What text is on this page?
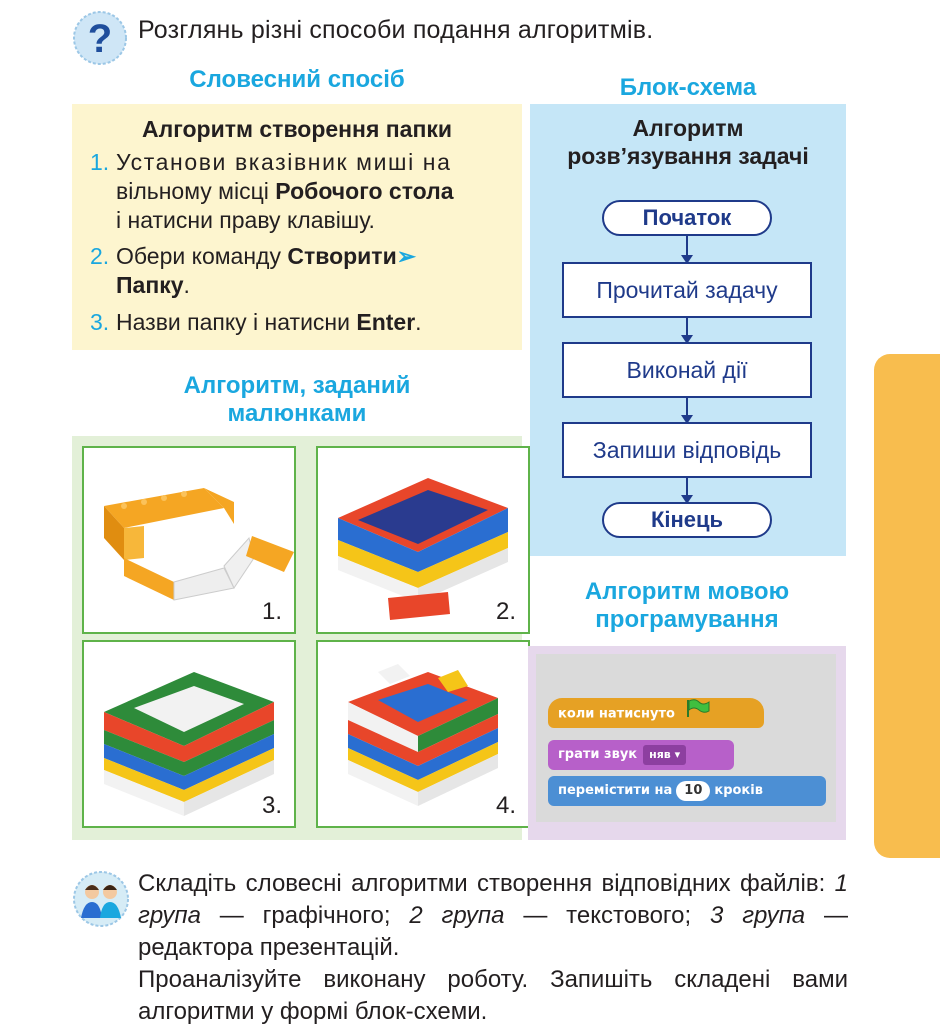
? Розглянь різні способи подання алгоритмів.
Словесний спосіб
Алгоритм створення папки
1. Установи вказівник миші на
вільному місці Робочого стола
і натисни праву клавішу.
2. Обери команду Створити➢
Папку.
3. Назви папку і натисни Enter.
Алгоритм, заданий
малюнками
1.	2.
3.	4.
Блок-схема
Алгоритм
розв’язування задачі
Початок
Прочитай задачу
Виконай дії
Запиши відповідь
Кінець
Алгоритм мовою
програмування
коли натиснуто
грати звук няв ▾
перемістити на 10 кроків

Складіть словесні алгоритми створення відповідних файлів: 1 група — графічного; 2 група — текстового; 3 група — редактора презентацій.

Проаналізуйте виконану роботу. Запишіть складені вами алгоритми у формі блок-схеми.
